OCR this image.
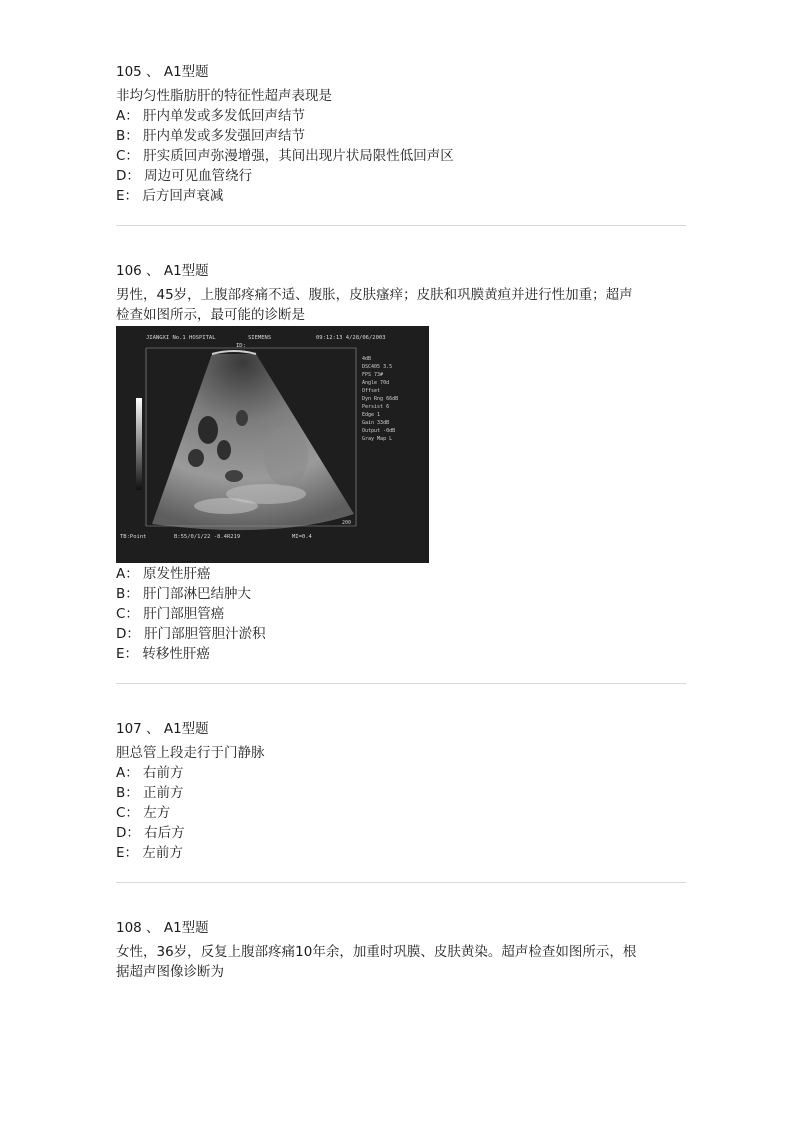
105 、 A1型题
非均匀性脂肪肝的特征性超声表现是
A： 肝内单发或多发低回声结节
B： 肝内单发或多发强回声结节
C： 肝实质回声弥漫增强，其间出现片状局限性低回声区
D： 周边可见血管绕行
E： 后方回声衰减
106 、 A1型题
男性，45岁，上腹部疼痛不适、腹胀，皮肤瘙痒；皮肤和巩膜黄疸并进行性加重；超声
检查如图所示，最可能的诊断是
JIANGXI No.1 HOSPITAL	SIEMENS	09:12:13 4/28/06/2003
ID:
4dB
DSC405 3.5
FPS 73#
Angle 70d
Offset
Dyn Rng 66dB
Persist 6
Edge 1
Gain 33dB
Output -0dB
Gray Map L
200
TB:Point	B:55/0/1/22 -8.4R219	MI=0.4
A： 原发性肝癌
B： 肝门部淋巴结肿大
C： 肝门部胆管癌
D： 肝门部胆管胆汁淤积
E： 转移性肝癌
107 、 A1型题
胆总管上段走行于门静脉
A： 右前方
B： 正前方
C： 左方
D： 右后方
E： 左前方
108 、 A1型题
女性，36岁，反复上腹部疼痛10年余，加重时巩膜、皮肤黄染。超声检查如图所示，根
据超声图像诊断为
